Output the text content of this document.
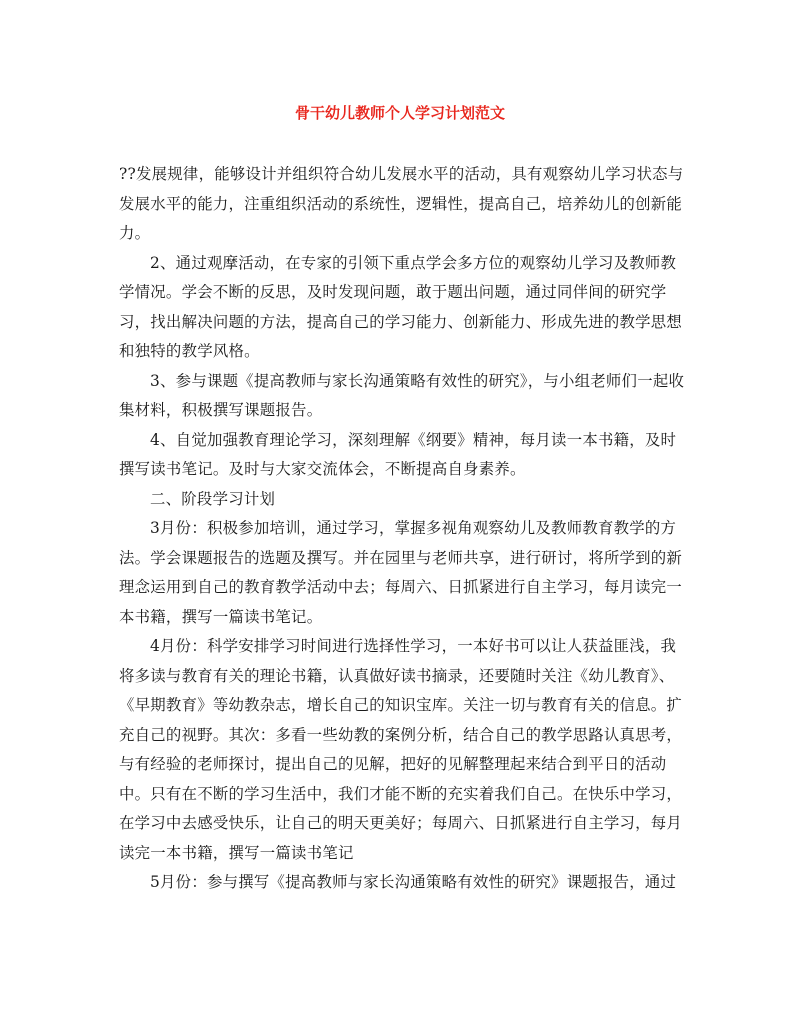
骨干幼儿教师个人学习计划范文

??发展规律，能够设计并组织符合幼儿发展水平的活动，具有观察幼儿学习状态与发展水平的能力，注重组织活动的系统性，逻辑性，提高自己，培养幼儿的创新能力。

2、通过观摩活动，在专家的引领下重点学会多方位的观察幼儿学习及教师教学情况。学会不断的反思，及时发现问题，敢于题出问题，通过同伴间的研究学习，找出解决问题的方法，提高自己的学习能力、创新能力、形成先进的教学思想和独特的教学风格。

3、参与课题《提高教师与家长沟通策略有效性的研究》，与小组老师们一起收集材料，积极撰写课题报告。

4、自觉加强教育理论学习，深刻理解《纲要》精神，每月读一本书籍，及时撰写读书笔记。及时与大家交流体会，不断提高自身素养。

二、阶段学习计划

3月份：积极参加培训，通过学习，掌握多视角观察幼儿及教师教育教学的方法。学会课题报告的选题及撰写。并在园里与老师共享，进行研讨，将所学到的新理念运用到自己的教育教学活动中去；每周六、日抓紧进行自主学习，每月读完一本书籍，撰写一篇读书笔记。

4月份：科学安排学习时间进行选择性学习，一本好书可以让人获益匪浅，我将多读与教育有关的理论书籍，认真做好读书摘录，还要随时关注《幼儿教育》、《早期教育》等幼教杂志，增长自己的知识宝库。关注一切与教育有关的信息。扩充自己的视野。其次：多看一些幼教的案例分析，结合自己的教学思路认真思考，与有经验的老师探讨，提出自己的见解，把好的见解整理起来结合到平日的活动中。只有在不断的学习生活中，我们才能不断的充实着我们自己。在快乐中学习，在学习中去感受快乐，让自己的明天更美好；每周六、日抓紧进行自主学习，每月读完一本书籍，撰写一篇读书笔记

5月份：参与撰写《提高教师与家长沟通策略有效性的研究》课题报告，通过
